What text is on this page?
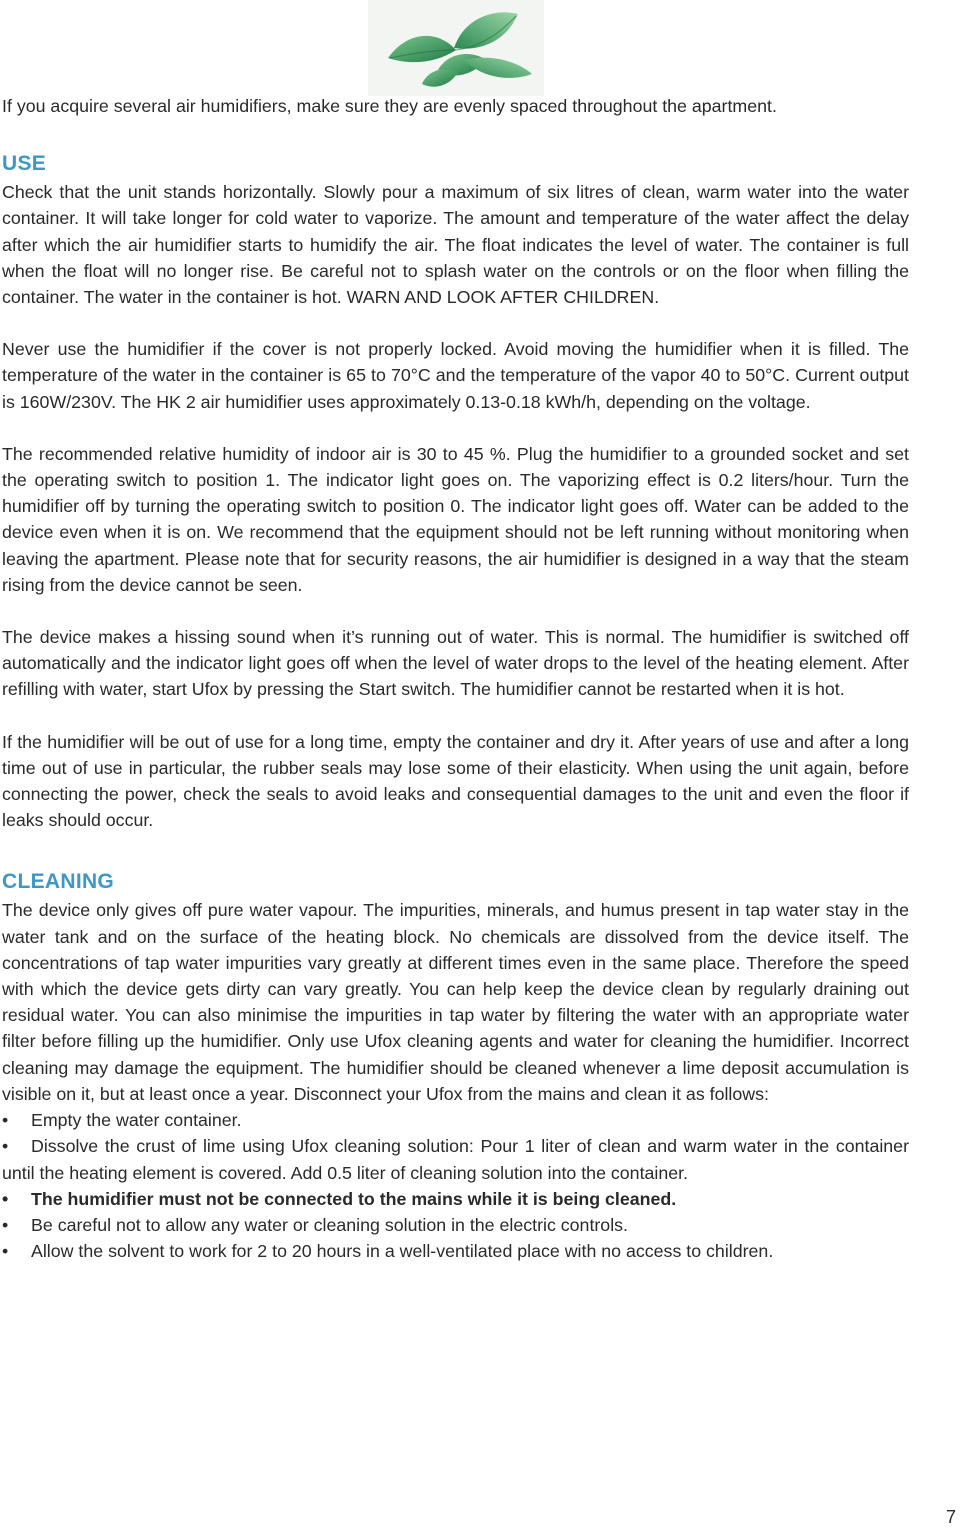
If you acquire several air humidifiers, make sure they are evenly spaced throughout the apartment.

USE

Check that the unit stands horizontally. Slowly pour a maximum of six litres of clean, warm water into the water container. It will take longer for cold water to vaporize. The amount and temperature of the water affect the delay after which the air humidifier starts to humidify the air. The float indicates the level of water. The container is full when the float will no longer rise. Be careful not to splash water on the controls or on the floor when filling the container. The water in the container is hot. WARN AND LOOK AFTER CHILDREN.

Never use the humidifier if the cover is not properly locked. Avoid moving the humidifier when it is filled. The temperature of the water in the container is 65 to 70°C and the temperature of the vapor 40 to 50°C. Current output is 160W/230V. The HK 2 air humidifier uses approximately 0.13-0.18 kWh/h, depending on the voltage.

The recommended relative humidity of indoor air is 30 to 45 %. Plug the humidifier to a grounded socket and set the operating switch to position 1. The indicator light goes on. The vaporizing effect is 0.2 liters/hour. Turn the humidifier off by turning the operating switch to position 0. The indicator light goes off. Water can be added to the device even when it is on. We recommend that the equipment should not be left running without monitoring when leaving the apartment. Please note that for security reasons, the air humidifier is designed in a way that the steam rising from the device cannot be seen.

The device makes a hissing sound when it’s running out of water. This is normal. The humidifier is switched off automatically and the indicator light goes off when the level of water drops to the level of the heating element. After refilling with water, start Ufox by pressing the Start switch. The humidifier cannot be restarted when it is hot.

If the humidifier will be out of use for a long time, empty the container and dry it. After years of use and after a long time out of use in particular, the rubber seals may lose some of their elasticity. When using the unit again, before connecting the power, check the seals to avoid leaks and consequential damages to the unit and even the floor if leaks should occur.

CLEANING

The device only gives off pure water vapour. The impurities, minerals, and humus present in tap water stay in the water tank and on the surface of the heating block. No chemicals are dissolved from the device itself. The concentrations of tap water impurities vary greatly at different times even in the same place. Therefore the speed with which the device gets dirty can vary greatly. You can help keep the device clean by regularly draining out residual water. You can also minimise the impurities in tap water by filtering the water with an appropriate water filter before filling up the humidifier. Only use Ufox cleaning agents and water for cleaning the humidifier. Incorrect cleaning may damage the equipment. The humidifier should be cleaned whenever a lime deposit accumulation is visible on it, but at least once a year. Disconnect your Ufox from the mains and clean it as follows:

• Empty the water container.
• Dissolve the crust of lime using Ufox cleaning solution: Pour 1 liter of clean and warm water in the container until the heating element is covered. Add 0.5 liter of cleaning solution into the container.
• The humidifier must not be connected to the mains while it is being cleaned.
• Be careful not to allow any water or cleaning solution in the electric controls.
• Allow the solvent to work for 2 to 20 hours in a well-ventilated place with no access to children.
7
